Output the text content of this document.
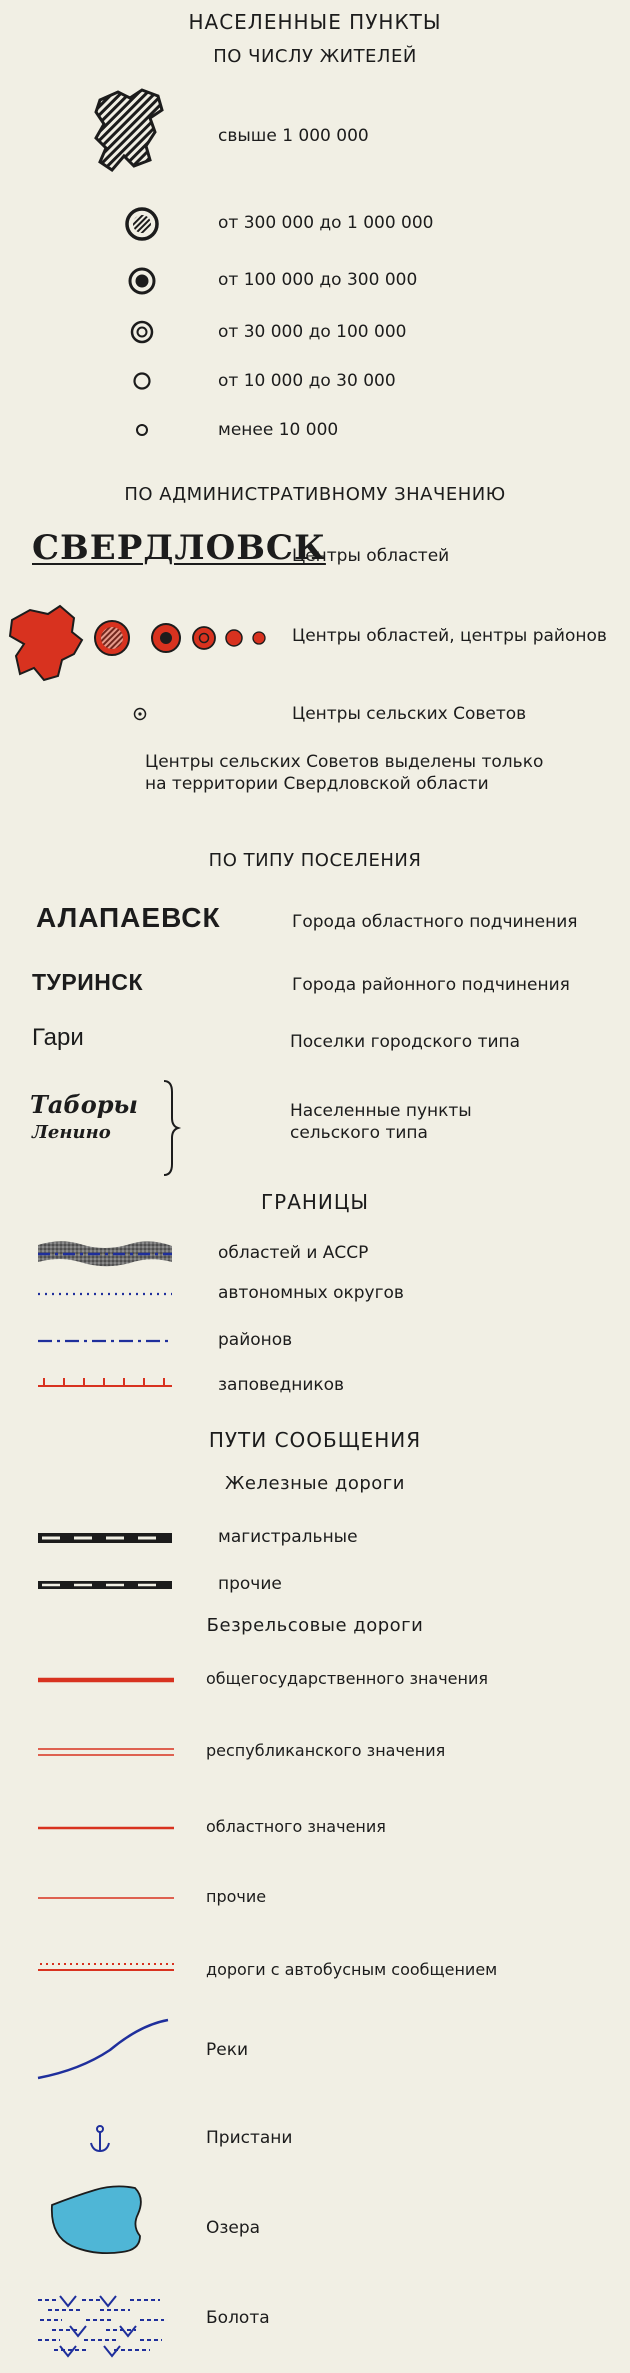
НАСЕЛЕННЫЕ ПУНКТЫ
ПО ЧИСЛУ ЖИТЕЛЕЙ
свыше 1 000 000
от 300 000 до 1 000 000
от 100 000 до 300 000
от 30 000 до 100 000
от 10 000 до 30 000
менее 10 000
ПО АДМИНИСТРАТИВНОМУ ЗНАЧЕНИЮ
СВЕРДЛОВСК
Центры областей
Центры областей, центры районов
Центры сельских Советов
Центры сельских Советов выделены только
на территории Свердловской области
ПО ТИПУ ПОСЕЛЕНИЯ
АЛАПАЕВСК	Города областного подчинения
ТУРИНСК	Города районного подчинения
Гари	Поселки городского типа
Таборы
Ленино
Населенные пункты
сельского типа
ГРАНИЦЫ
областей и АССР
автономных округов
районов
заповедников
ПУТИ СООБЩЕНИЯ
Железные дороги
магистральные
прочие
Безрельсовые дороги
общегосударственного значения
республиканского значения
областного значения
прочие
дороги с автобусным сообщением
Реки
Пристани
Озера
Болота
